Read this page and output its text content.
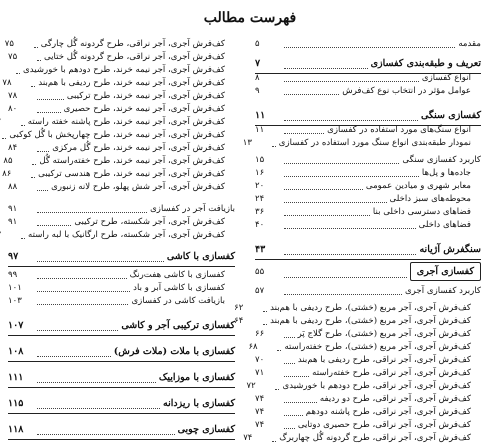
فهرست مطالب
مقدمه
۵
تعریف و طبقه‌بندی کفسازی
۷
انواع کفسازی
۸
عوامل مؤثر در انتخاب نوع کف‌فرش
۹
کفسازی سنگی
۱۱
انواع سنگ‌های مورد استفاده در کفسازی
۱۱
نمودار طبقه‌بندی انواع سنگ مورد استفاده در کفسازی
۱۳
کاربرد کفسازی سنگی
۱۵
جاده‌ها و پل‌ها
۱۶
معابر شهری و میادین عمومی
۲۰
محوطه‌های سبز داخلی
۲۴
فضاهای دسترسی داخلی بنا
۳۶
فضاهای داخلی
۴۰
سنگفرش آژیانه
۴۳
کفسازی آجری
۵۵
کاربرد کفسازی آجری
۵۷
کف‌فرش آجری، آجر مربع (خشتی)، طرح ردیفی با هم‌بند
۶۲
کف‌فرش آجری، آجر مربع (خشتی)، طرح ردیفی با هم‌بند
۶۴
کف‌فرش آجری، آجر مربع (خشتی)، طرح گلاج پَر
۶۶
کف‌فرش آجری، آجر مربع (خشتی)، طرح خفته‌راسته
۶۸
کف‌فرش آجری، آجر نراقی، طرح ردیفی با هم‌بند
۷۰
کف‌فرش آجری، آجر نراقی، طرح خفته‌راسته
۷۱
کف‌فرش آجری، آجر نراقی، طرح دودهم با خورشیدی
۷۲
کف‌فرش آجری، آجر نراقی، طرح دو ردیفه
۷۴
کف‌فرش آجری، آجر نراقی، طرح پاشنه دودهم
۷۴
کف‌فرش آجری، آجر نراقی، طرح حصیری دوتایی
۷۴
کف‌فرش آجری، آجر نراقی، طرح گردونه گُل چهاربرگ
۷۴
کف‌فرش آجری، آجر نراقی، طرح گردونه گُل چارگی
۷۵
کف‌فرش آجری، آجر نراقی، طرح گردونه گُل ختایی
۷۵
کف‌فرش آجری، آجر نیمه خرند، طرح دودهم با خورشیدی
کف‌فرش آجری، آجر نیمه خرند، طرح ردیفی با هم‌بند
۷۸
کف‌فرش آجری، آجر نیمه خرند، طرح ترکیبی
۷۸
کف‌فرش آجری، آجر نیمه خرند، طرح حصیری
۸۰
کف‌فرش آجری، آجر نیمه خرند، طرح پاشنه خفته راسته
کف‌فرش آجری، آجر نیمه خرند، طرح چهارپخش با گُل کوکبی
کف‌فرش آجری، آجر نیمه خرند، طرح گُل مرکزی
۸۴
کف‌فرش آجری، آجر نیمه خرند، طرح خفته‌راسته گُل
۸۵
کف‌فرش آجری، آجر نیمه خرند، طرح هندسی ترکیبی
۸۶
کف‌فرش آجری، آجر شش پهلو، طرح لانه زنبوری
۸۸
بازیافت آجر در کفسازی
۹۱
کف‌فرش آجری، آجر شکسته، طرح ترکیبی
۹۱
کف‌فرش آجری، آجر شکسته، طرح ارگانیک با لبه راسته
کفسازی با کاشی
۹۷
کفسازی با کاشی هفت‌رنگ
۹۹
کفسازی با کاشی آبر و باد
۱۰۱
بازیافت کاشی در کفسازی
۱۰۳
کفسازی ترکیبی آجر و کاشی
۱۰۷
کفسازی با ملات (ملات فرش)
۱۰۸
کفسازی با موزاییک
۱۱۱
کفسازی با ریزدانه
۱۱۵
کفسازی چوبی
۱۱۸
